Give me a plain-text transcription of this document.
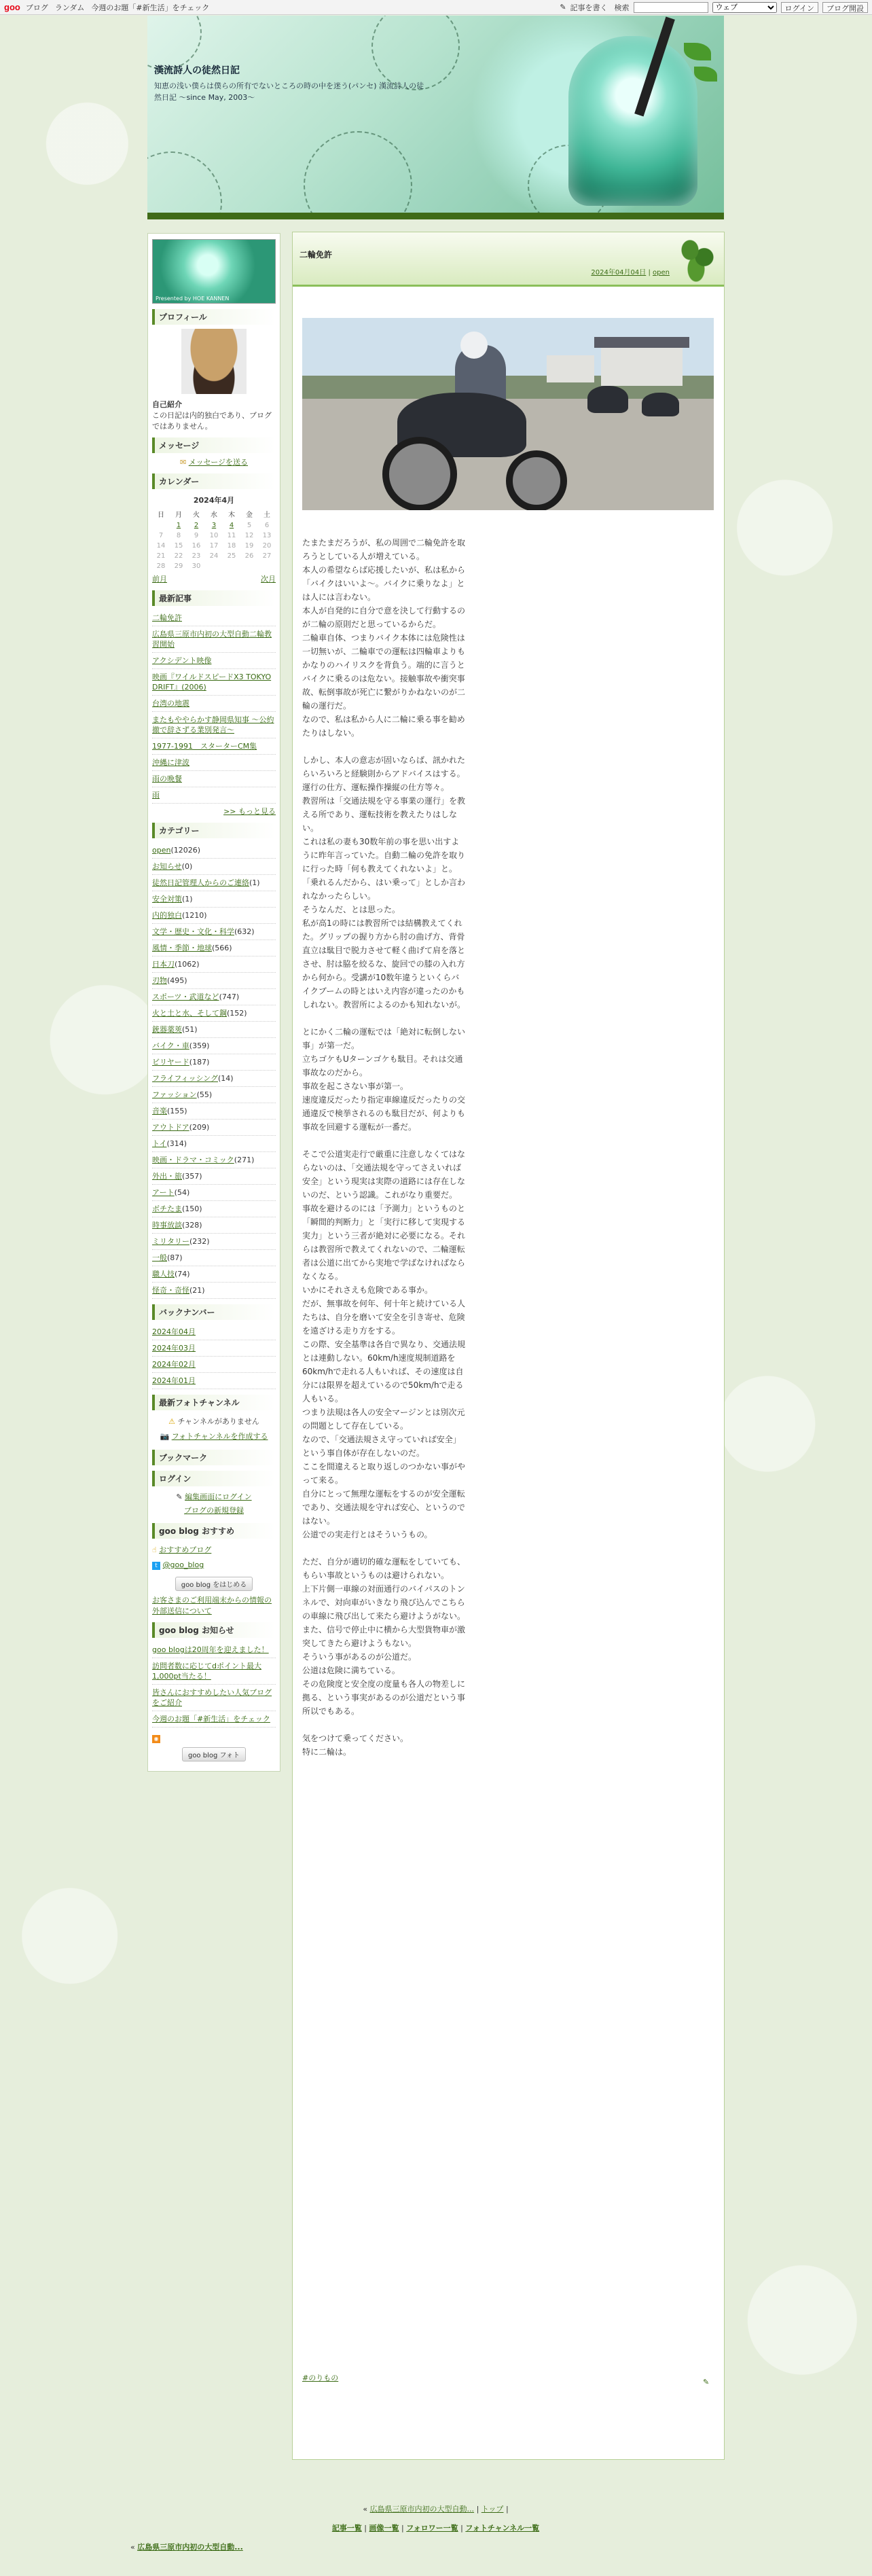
goo ブログ ランダム 今週のお題「#新生活」をチェック	✎ 記事を書く 検索
ウェブ	ログイン	ブログ開設
漢流詩人の徒然日記
知恵の浅い僕らは僕らの所有でないところの時の中を迷う(パンセ) 漢流詩人の徒然日記 〜since May, 2003〜
Presented by HOE KANNEN
プロフィール
自己紹介
この日記は内的独白であり、ブログではありません。
メッセージ
✉ メッセージを送る
カレンダー
2024年4月						
日	月	火	水	木	金	土
	1	2	3	4	5	6
7	8	9	10	11	12	13
14	15	16	17	18	19	20
21	22	23	24	25	26	27
28	29	30				
前月	次月
最新記事
二輪免許
広島県三原市内初の大型自動二輪教習開始
アクシデント映像
映画『ワイルドスピードX3 TOKYO DRIFT』(2006)
台湾の地震
またもややらかす静岡県知事 〜公約撤で辞さずる業別発言〜
1977-1991　スターターCM集
沖縄に津波
雨の晩餐
雨
>> もっと見る
カテゴリー
open(12026)
お知らせ(0)
徒然日記管理人からのご連絡(1)
安全対策(1)
内的独白(1210)
文学・歴史・文化・科学(632)
風情・季節・地球(566)
日本刀(1062)
刃物(495)
スポーツ・武道など(747)
火と土と水、そして鋼(152)
銃器薬莢(51)
バイク・車(359)
ビリヤード(187)
フライフィッシング(14)
ファッション(55)
音楽(155)
アウトドア(209)
トイ(314)
映画・ドラマ・コミック(271)
外出・旅(357)
アート(54)
ボチたま(150)
時事放談(328)
ミリタリー(232)
一般(87)
職人技(74)
怪奇・奇怪(21)
バックナンバー
2024年04月
2024年03月
2024年02月
2024年01月
最新フォトチャンネル
⚠ チャンネルがありません
📷 フォトチャンネルを作成する
ブックマーク
ログイン
✎ 編集画面にログイン
ブログの新規登録
goo blog おすすめ
☝ おすすめブログ
t @goo_blog
goo blog をはじめる
お客さまのご利用端末からの情報の外部送信について
goo blog お知らせ
goo blogは20周年を迎えました！
訪問者数に応じてdポイント最大1,000pt当たる！
皆さんにおすすめしたい人気ブログをご紹介
今週のお題「#新生活」をチェック
◉
goo blog フォト
二輪免許
2024年04月04日 | open

たまたまだろうが、私の周囲で二輪免許を取ろうとしている人が増えている。
本人の希望ならば応援したいが、私は私から「バイクはいいよ〜。バイクに乗りなよ」とは人には言わない。
本人が自発的に自分で意を決して行動するのが二輪の原則だと思っているからだ。
二輪車自体、つまりバイク本体には危険性は一切無いが、二輪車での運転は四輪車よりもかなりのハイリスクを背負う。端的に言うとバイクに乗るのは危ない。接触事故や衝突事故、転倒事故が死亡に繋がりかねないのが二輪の運行だ。
なので、私は私から人に二輪に乗る事を勧めたりはしない。

しかし、本人の意志が固いならば、訊かれたらいろいろと経験則からアドバイスはする。
運行の仕方、運転操作操縦の仕方等々。
教習所は「交通法規を守る事業の運行」を教える所であり、運転技術を教えたりはしない。
これは私の妻も30数年前の事を思い出すように昨年言っていた。自動二輪の免許を取りに行った時「何も教えてくれないよ」と。「乗れるんだから、はい乗って」としか言われなかったらしい。
そうなんだ、とは思った。
私が高1の時には教習所では結構教えてくれた。グリップの握り方から肘の曲げ方、背骨直立は駄目で脱力させて軽く曲げて肩を落とさせ、肘は脇を絞るな、旋回での膝の入れ方から何から。受講が10数年違うといくらバイクブームの時とはいえ内容が違ったのかもしれない。教習所によるのかも知れないが。

とにかく二輪の運転では「絶対に転倒しない事」が第一だ。
立ちゴケもUターンゴケも駄目。それは交通事故なのだから。
事故を起こさない事が第一。
速度違反だったり指定車線違反だったりの交通違反で検挙されるのも駄目だが、何よりも事故を回避する運転が一番だ。

そこで公道実走行で厳重に注意しなくてはならないのは、「交通法規を守ってさえいれば安全」という現実は実際の道路には存在しないのだ、という認識。これがなり重要だ。
事故を避けるのには「予測力」というものと「瞬間的判断力」と「実行に移して実現する実力」という三者が絶対に必要になる。それらは教習所で教えてくれないので、二輪運転者は公道に出てから実地で学ばなければならなくなる。
いかにそれさえも危険である事か。
だが、無事故を何年、何十年と続けている人たちは、自分を磨いて安全を引き寄せ、危険を遠ざける走り方をする。
この際、安全基準は各自で異なり、交通法規とは連動しない。60km/h速度規制道路を60km/hで走れる人もいれば、その速度は自分には限界を超えているので50km/hで走る人もいる。
つまり法規は各人の安全マージンとは別次元の問題として存在している。
なので、「交通法規さえ守っていれば安全」という事自体が存在しないのだ。
ここを間違えると取り返しのつかない事がやって来る。
自分にとって無理な運転をするのが安全運転であり、交通法規を守れば安心、というのではない。
公道での実走行とはそういうもの。

ただ、自分が適切的確な運転をしていても、もらい事故というものは避けられない。
上下片側一車線の対面通行のバイパスのトンネルで、対向車がいきなり飛び込んでこちらの車線に飛び出して来たら避けようがない。
また、信号で停止中に横から大型貨物車が激突してきたら避けようもない。
そういう事があるのが公道だ。
公道は危険に満ちている。
その危険度と安全度の度量も各人の物差しに拠る、という事実があるのが公道だという事所以でもある。

気をつけて乗ってください。
特に二輪は。

#のりもの	✎
« 広島県三原市内初の大型自動... | トップ |
記事一覧 | 画像一覧 | フォロワー一覧 | フォトチャンネル一覧
« 広島県三原市内初の大型自動...
